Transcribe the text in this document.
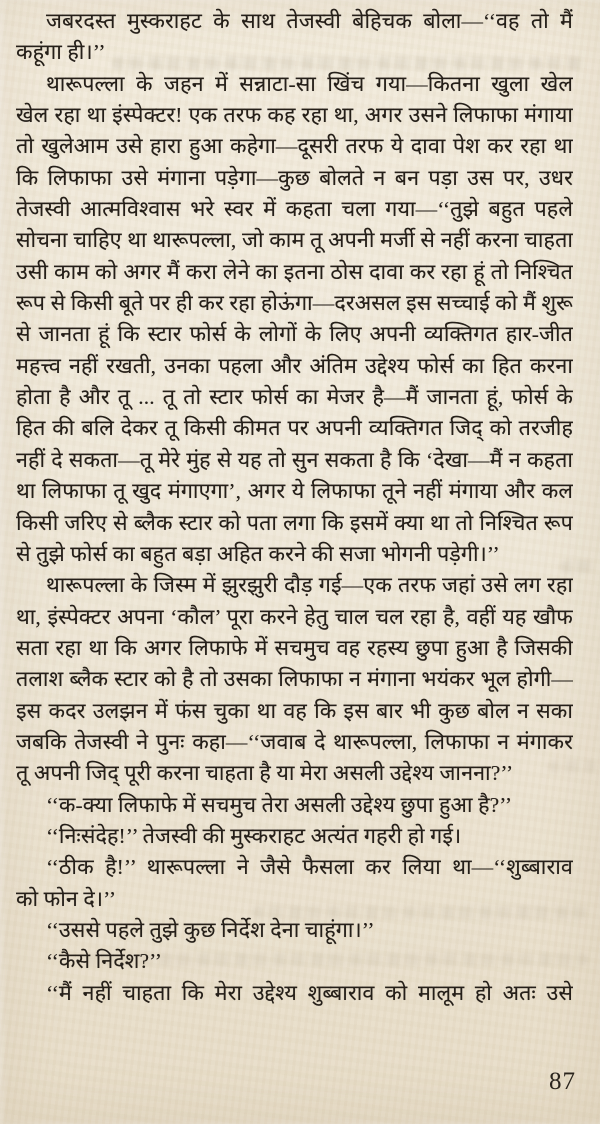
जबरदस्त मुस्कराहट के साथ तेजस्वी बेहिचक बोला—‘‘वह तो मैं
कहूंगा ही।’’
थारूपल्ला के जहन में सन्नाटा-सा खिंच गया—कितना खुला खेल
खेल रहा था इंस्पेक्टर! एक तरफ कह रहा था, अगर उसने लिफाफा मंगाया
तो खुलेआम उसे हारा हुआ कहेगा—दूसरी तरफ ये दावा पेश कर रहा था
कि लिफाफा उसे मंगाना पड़ेगा—कुछ बोलते न बन पड़ा उस पर, उधर
तेजस्वी आत्मविश्वास भरे स्वर में कहता चला गया—‘‘तुझे बहुत पहले
सोचना चाहिए था थारूपल्ला, जो काम तू अपनी मर्जी से नहीं करना चाहता
उसी काम को अगर मैं करा लेने का इतना ठोस दावा कर रहा हूं तो निश्चित
रूप से किसी बूते पर ही कर रहा होऊंगा—दरअसल इस सच्चाई को मैं शुरू
से जानता हूं कि स्टार फोर्स के लोगों के लिए अपनी व्यक्तिगत हार-जीत
महत्त्व नहीं रखती, उनका पहला और अंतिम उद्देश्य फोर्स का हित करना
होता है और तू ... तू तो स्टार फोर्स का मेजर है—मैं जानता हूं, फोर्स के
हित की बलि देकर तू किसी कीमत पर अपनी व्यक्तिगत जिद् को तरजीह
नहीं दे सकता—तू मेरे मुंह से यह तो सुन सकता है कि ‘देखा—मैं न कहता
था लिफाफा तू खुद मंगाएगा’, अगर ये लिफाफा तूने नहीं मंगाया और कल
किसी जरिए से ब्लैक स्टार को पता लगा कि इसमें क्या था तो निश्चित रूप
से तुझे फोर्स का बहुत बड़ा अहित करने की सजा भोगनी पड़ेगी।’’
थारूपल्ला के जिस्म में झुरझुरी दौड़ गई—एक तरफ जहां उसे लग रहा
था, इंस्पेक्टर अपना ‘कौल’ पूरा करने हेतु चाल चल रहा है, वहीं यह खौफ
सता रहा था कि अगर लिफाफे में सचमुच वह रहस्य छुपा हुआ है जिसकी
तलाश ब्लैक स्टार को है तो उसका लिफाफा न मंगाना भयंकर भूल होगी—
इस कदर उलझन में फंस चुका था वह कि इस बार भी कुछ बोल न सका
जबकि तेजस्वी ने पुनः कहा—‘‘जवाब दे थारूपल्ला, लिफाफा न मंगाकर
तू अपनी जिद् पूरी करना चाहता है या मेरा असली उद्देश्य जानना?’’
‘‘क-क्या लिफाफे में सचमुच तेरा असली उद्देश्य छुपा हुआ है?’’
‘‘निःसंदेह!’’ तेजस्वी की मुस्कराहट अत्यंत गहरी हो गई।
‘‘ठीक है!’’ थारूपल्ला ने जैसे फैसला कर लिया था—‘‘शुब्बाराव
को फोन दे।’’
‘‘उससे पहले तुझे कुछ निर्देश देना चाहूंगा।’’
‘‘कैसे निर्देश?’’
‘‘मैं नहीं चाहता कि मेरा उद्देश्य शुब्बाराव को मालूम हो अतः उसे
87
